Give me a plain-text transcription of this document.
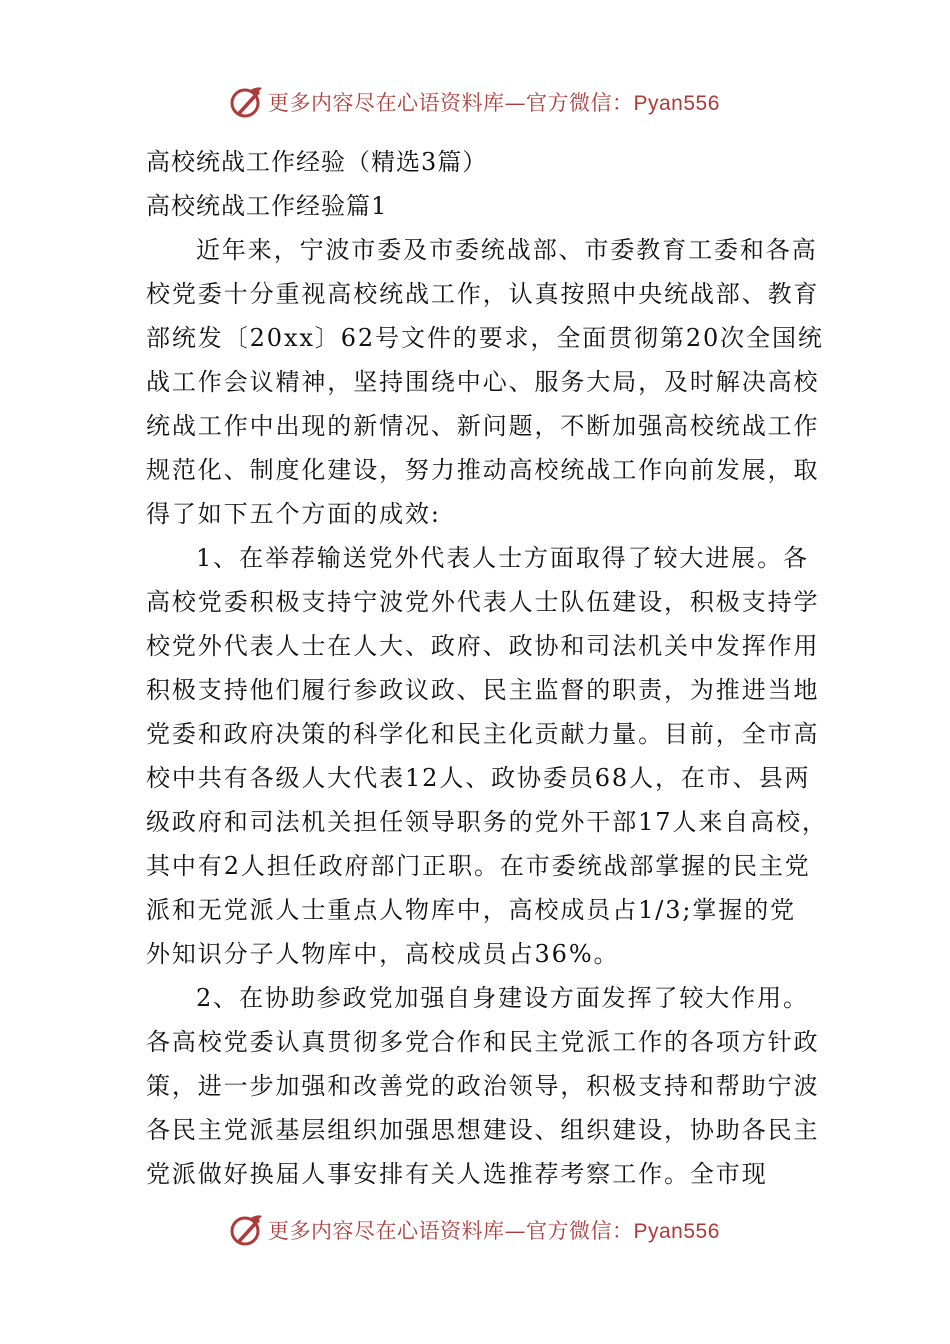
更多内容尽在心语资料库—官方微信：Pyan556
高校统战工作经验（精选3篇）
高校统战工作经验篇1
近年来，宁波市委及市委统战部、市委教育工委和各高
校党委十分重视高校统战工作，认真按照中央统战部、教育
部统发〔20xx〕62号文件的要求，全面贯彻第20次全国统
战工作会议精神，坚持围绕中心、服务大局，及时解决高校
统战工作中出现的新情况、新问题，不断加强高校统战工作
规范化、制度化建设，努力推动高校统战工作向前发展，取
得了如下五个方面的成效:
1、在举荐输送党外代表人士方面取得了较大进展。各
高校党委积极支持宁波党外代表人士队伍建设，积极支持学
校党外代表人士在人大、政府、政协和司法机关中发挥作用
积极支持他们履行参政议政、民主监督的职责，为推进当地
党委和政府决策的科学化和民主化贡献力量。目前，全市高
校中共有各级人大代表12人、政协委员68人，在市、县两
级政府和司法机关担任领导职务的党外干部17人来自高校，
其中有2人担任政府部门正职。在市委统战部掌握的民主党
派和无党派人士重点人物库中，高校成员占1/3;掌握的党
外知识分子人物库中，高校成员占36%。
2、在协助参政党加强自身建设方面发挥了较大作用。
各高校党委认真贯彻多党合作和民主党派工作的各项方针政
策，进一步加强和改善党的政治领导，积极支持和帮助宁波
各民主党派基层组织加强思想建设、组织建设，协助各民主
党派做好换届人事安排有关人选推荐考察工作。全市现
更多内容尽在心语资料库—官方微信：Pyan556
